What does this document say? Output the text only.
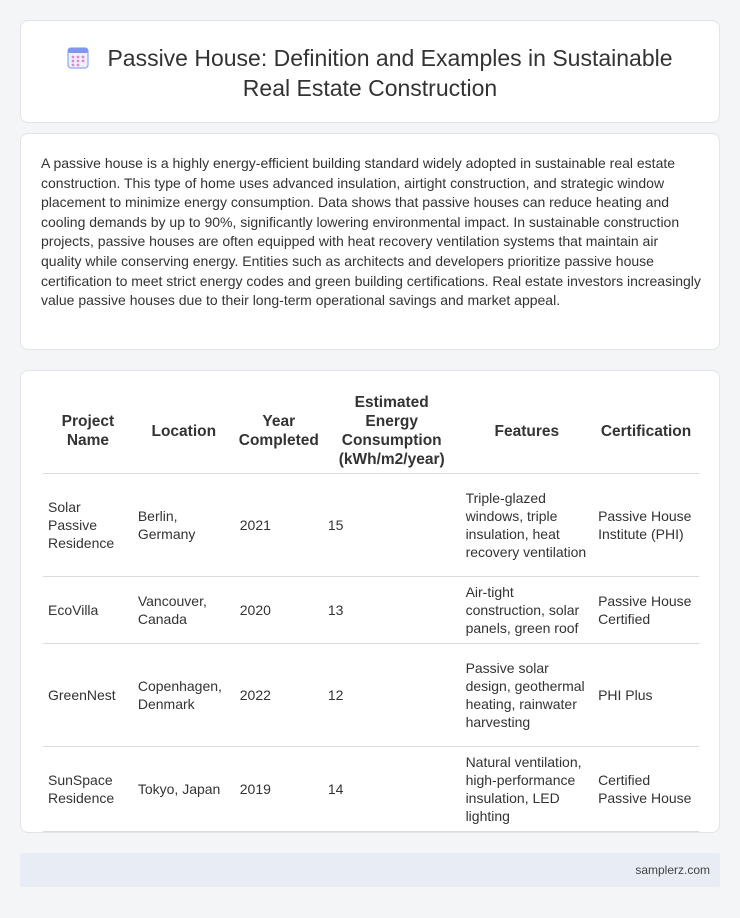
Passive House: Definition and Examples in Sustainable
Real Estate Construction

A passive house is a highly energy-efficient building standard widely adopted in sustainable real estate construction. This type of home uses advanced insulation, airtight construction, and strategic window placement to minimize energy consumption. Data shows that passive houses can reduce heating and cooling demands by up to 90%, significantly lowering environmental impact. In sustainable construction projects, passive houses are often equipped with heat recovery ventilation systems that maintain air quality while conserving energy. Entities such as architects and developers prioritize passive house certification to meet strict energy codes and green building certifications. Real estate investors increasingly value passive houses due to their long-term operational savings and market appeal.

Project Name	Location	Year Completed	Estimated Energy Consumption (kWh/m2/year)	Features	Certification
Solar Passive Residence	Berlin, Germany	2021	15	Triple-glazed windows, triple insulation, heat recovery ventilation	Passive House Institute (PHI)
EcoVilla	Vancouver, Canada	2020	13	Air-tight construction, solar panels, green roof	Passive House Certified
GreenNest	Copenhagen, Denmark	2022	12	Passive solar design, geothermal heating, rainwater harvesting	PHI Plus
SunSpace Residence	Tokyo, Japan	2019	14	Natural ventilation, high-performance insulation, LED lighting	Certified Passive House
samplerz.com
